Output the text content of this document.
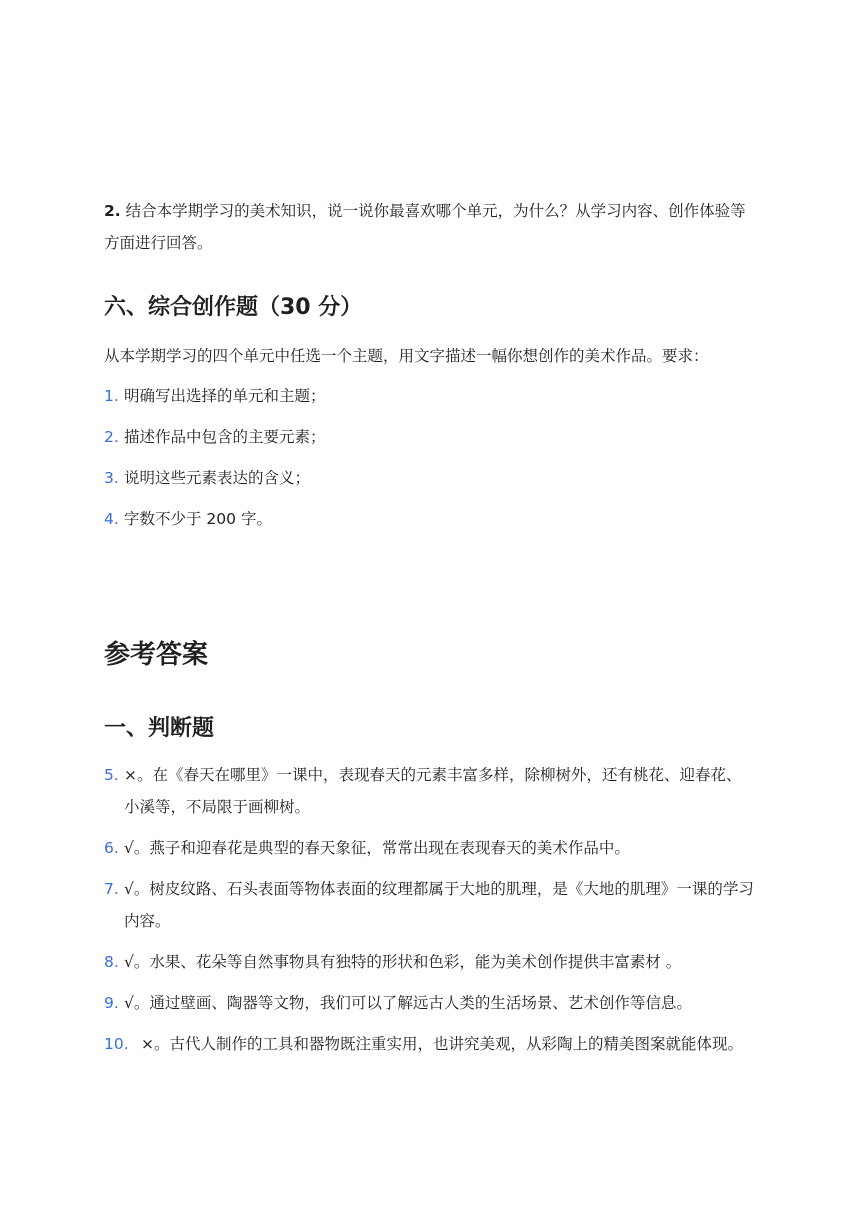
2. 结合本学期学习的美术知识，说一说你最喜欢哪个单元，为什么？从学习内容、创作体验等方面进行回答。

六、综合创作题（30 分）

从本学期学习的四个单元中任选一个主题，用文字描述一幅你想创作的美术作品。要求：

1. 明确写出选择的单元和主题；
2. 描述作品中包含的主要元素；
3. 说明这些元素表达的含义；
4. 字数不少于 200 字。
参考答案
一、判断题
5. ×。在《春天在哪里》一课中，表现春天的元素丰富多样，除柳树外，还有桃花、迎春花、小溪等，不局限于画柳树。
6. √。燕子和迎春花是典型的春天象征，常常出现在表现春天的美术作品中。
7. √。树皮纹路、石头表面等物体表面的纹理都属于大地的肌理，是《大地的肌理》一课的学习内容。
8. √。水果、花朵等自然事物具有独特的形状和色彩，能为美术创作提供丰富素材 。
9. √。通过壁画、陶器等文物，我们可以了解远古人类的生活场景、艺术创作等信息。
10. ×。古代人制作的工具和器物既注重实用，也讲究美观，从彩陶上的精美图案就能体现。
